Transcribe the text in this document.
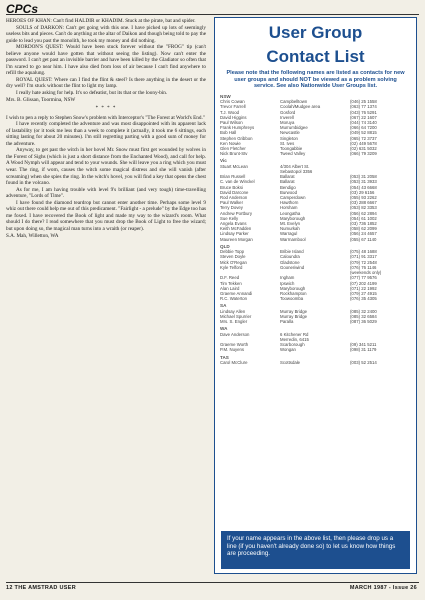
CPCs

HEROES OF KHAN: Can't find HALDIR or KHADIM. Stuck at the pirate, bat and spider.

SOULS of DARKON: Can't get going with this one. I have picked up lots of seemingly useless bits and pieces. Can't do anything at the altar of Daikon and though being told to pay the guide to lead you past the monolith, he took my money and did nothing.

MORDON'S QUEST: Would have been stuck forever without the "FROG" tip (can't believe anyone would have gotten that without seeing the listing). Now can't enter the password. I can't get past an invisible barrier and have been killed by the Gladiator so often that I'm scared to go near him. I have also died from loss of air because I can't find anywhere to refill the aqualung.

ROYAL QUEST: Where can I find the flint & steel? Is there anything in the desert or the dry well? I'm stuck without the flint to light my lamp.

I really hate asking for help. It's so defeatist, but its that or the loony-bin.

Mrs. B. Glissan, Toormina, NSW

* * * *

I wish to pen a reply to Stephen Snow's problem with Interceptor's "The Forest at World's End."

I have recently completed the adventure and was most disappointed with its apparent lack of lastability (or it took me less than a week to complete it (actually, it took me 6 sittings, each sitting lasting for about 20 minutes). I'm still regretting parting with a good sum of money for the adventure.

Anyway, to get past the witch in her hovel Mr. Snow must first get wounded by wolves in the Forest of Sighs (which is just a short distance from the Enchanted Wood), and call for help. A Wood Nymph will appear and tend to your wounds. She will leave you a ring which you must wear. The ring, if worn, causes the witch some magical distress and she will vanish (after screaming) when she spies the ring. In the witch's hovel, you will find a key that opens the chest found in the volcano.

As for me, I am having trouble with level 9's brilliant (and very tough) time-travelling adventure, "Lords of Time".

I have found the diamond teardrop but cannot enter another time. Perhaps some level 9 whiz out there could help me out of this predicament. "Fairlight - a prelude" by the Edge too has me foxed. I have recovered the Book of light and made my way to the wizard's room. What should I do there? I read somewhere that you must drop the Book of Light to free the wizard; but upon doing so, the magical man turns into a wraith (or reaper).

S.A. Mah, Willetton, WA

User Group
Contact List
Please note that the following names are listed as contacts for new user groups and should NOT be viewed as a problem solving service. See also Nationwide User Groups list.
NSW
Chris Cowan	Campbelltown	(046) 25 1558
Trevor Farrell	Coolah/Mudgee area	(063) 77 1374
T.J. Wood	Gosford	(043) 76 5291
David Higgins	Inverell	(067) 22 1607
Paul Wilson	Moruya	(044) 74 3140
Frank Humphreys	Murrumbidgee	(066) 64 7200
Bob Hall	Newcastle	(049) 52 8815
Stephen Gribbon	Singleton	(065) 72 3737
Ken Nowie	St. Ives	(02) 449 5678
Glen Fletcher	Toongabbie	(02) 631 5032
Nick Brunt-Stv	Tweed Valley	(066) 79 3209
Vic
Stuart McLean	4/304 Albert St.
Sebastopol 3356
Brian Russell	Ballarat	(053) 31 2058
C. van de Winckel	Ballarat	(053) 31 3933
Bruce Boksi	Bendigo	(054) 43 6668
David Darcone	Burwood	(03) 29 6156
Rod Anderson	Camperdown	(055) 93 2262
Paul Walker	Hawthorn	(03) 288 6667
Terry Dovey	Horsham	(053) 82 3353
Andrew Portbury	Leongatha	(056) 62 2894
Sue Kelly	Maryborough	(054) 61 1002
Angela Evans	Mt. Evelyn	(03) 736 1852
Keith McFadden	Numurkah	(058) 62 2099
Lindsay Parker	Warragul	(056) 24 4657
Maureen Morgan	Warrnambool	(055) 67 1140
QLD
Debbie Topp	Bribie Island	(075) 48 1688
Steven Doyle	Caloundra	(071) 91 3317
Mick O'Regan	Gladstone	(079) 72 2548
Kyle Telford	Gooneriwind	(076) 76 1146
(weekends only)
D.F. Reed	Ingham	(077) 77 9576
Tim Tekken	Ipswich	(07) 202 4199
Alan Laird	Maryborough	(071) 22 1992
Graeme Annandi	Rockhampton	(079) 27 4915
R.C. Waterton	Toowoomba	(076) 35 4305
SA
Lindsay Allen	Murray Bridge	(085) 32 2400
Michael Spurrier	Murray Bridge	(085) 32 6584
Mrs. S. Engler	Paralla	(087) 36 5029
WA
Dave Anderson	6 Kitchener Rd
Merredin, 6415
Graeme Worth	Scarborough	(09) 341 5211
P.M. Nuyens	Wongan	(098) 31 1179
TAS
Carol McClure	Scottsdale	(003) 52 2514
If your name appears in the above list, then please drop us a line (if you haven't already done so) to let us know how things are proceeding.
12 THE AMSTRAD USER	MARCH 1987 - Issue 26
